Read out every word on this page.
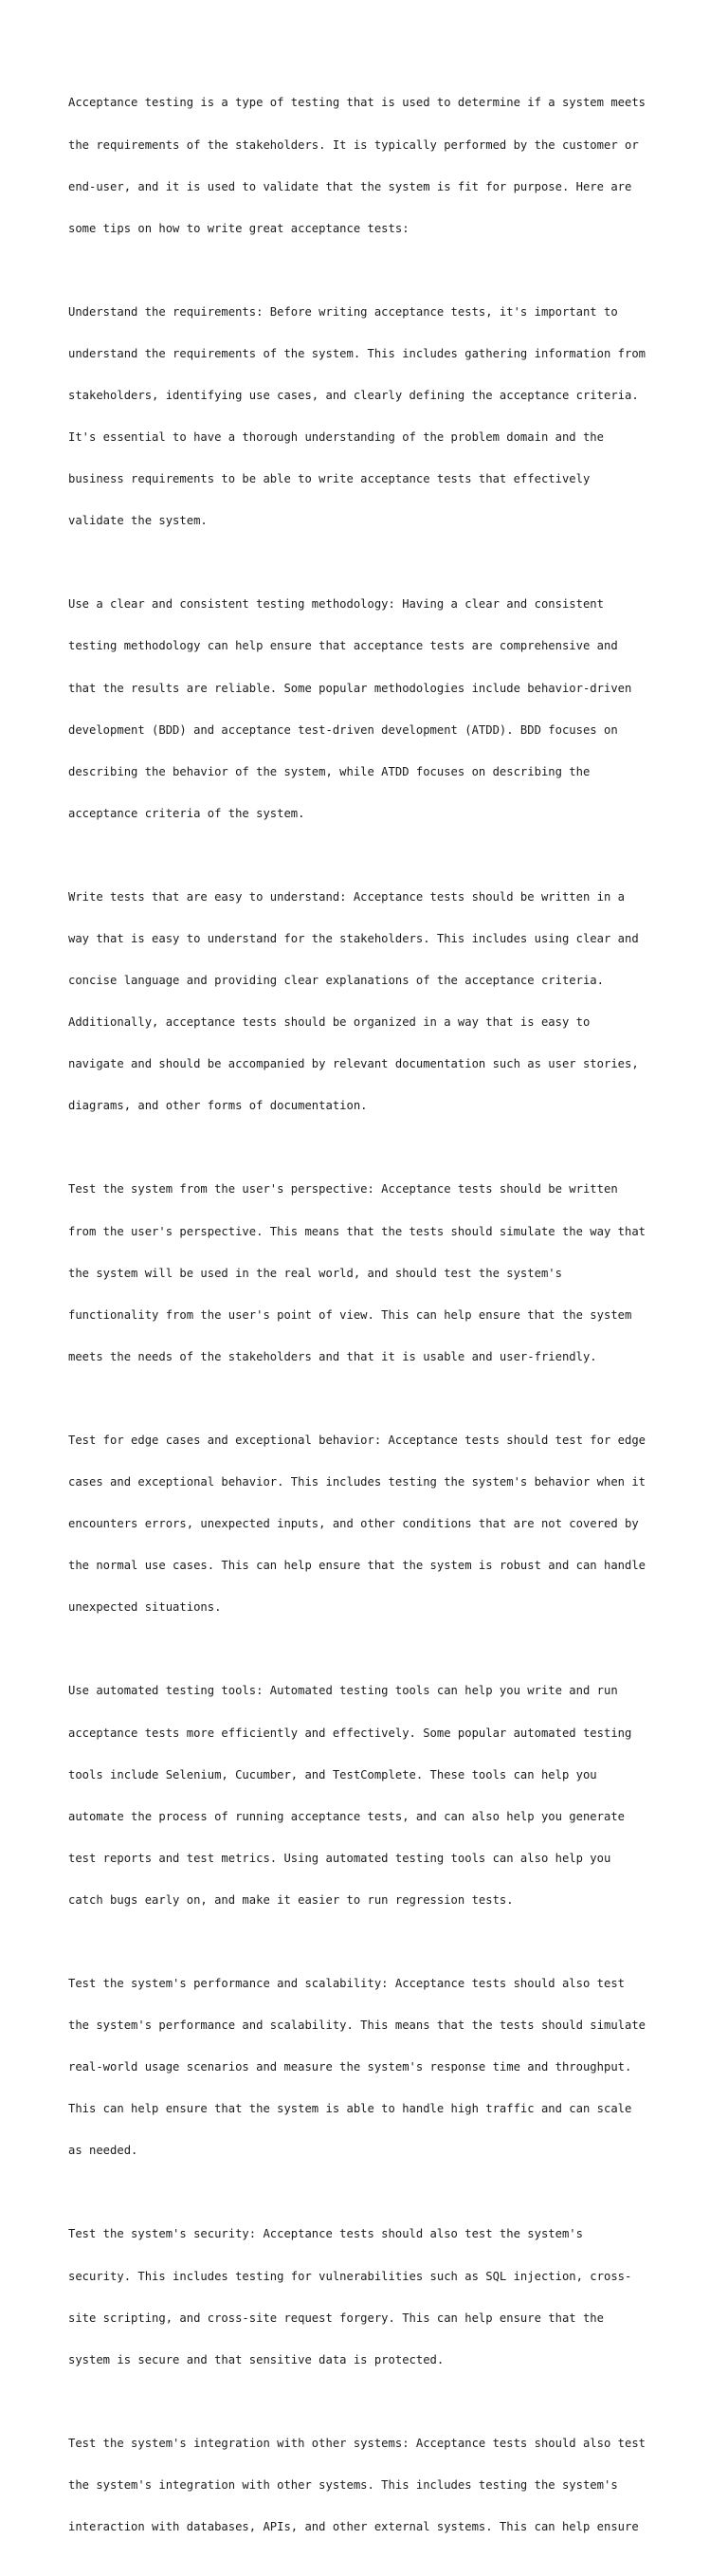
Acceptance testing is a type of testing that is used to determine if a system meets

the requirements of the stakeholders. It is typically performed by the customer or

end-user, and it is used to validate that the system is fit for purpose. Here are

some tips on how to write great acceptance tests:

Understand the requirements: Before writing acceptance tests, it's important to

understand the requirements of the system. This includes gathering information from

stakeholders, identifying use cases, and clearly defining the acceptance criteria.

It's essential to have a thorough understanding of the problem domain and the

business requirements to be able to write acceptance tests that effectively

validate the system.

Use a clear and consistent testing methodology: Having a clear and consistent

testing methodology can help ensure that acceptance tests are comprehensive and

that the results are reliable. Some popular methodologies include behavior-driven

development (BDD) and acceptance test-driven development (ATDD). BDD focuses on

describing the behavior of the system, while ATDD focuses on describing the

acceptance criteria of the system.

Write tests that are easy to understand: Acceptance tests should be written in a

way that is easy to understand for the stakeholders. This includes using clear and

concise language and providing clear explanations of the acceptance criteria.

Additionally, acceptance tests should be organized in a way that is easy to

navigate and should be accompanied by relevant documentation such as user stories,

diagrams, and other forms of documentation.

Test the system from the user's perspective: Acceptance tests should be written

from the user's perspective. This means that the tests should simulate the way that

the system will be used in the real world, and should test the system's

functionality from the user's point of view. This can help ensure that the system

meets the needs of the stakeholders and that it is usable and user-friendly.

Test for edge cases and exceptional behavior: Acceptance tests should test for edge

cases and exceptional behavior. This includes testing the system's behavior when it

encounters errors, unexpected inputs, and other conditions that are not covered by

the normal use cases. This can help ensure that the system is robust and can handle

unexpected situations.

Use automated testing tools: Automated testing tools can help you write and run

acceptance tests more efficiently and effectively. Some popular automated testing

tools include Selenium, Cucumber, and TestComplete. These tools can help you

automate the process of running acceptance tests, and can also help you generate

test reports and test metrics. Using automated testing tools can also help you

catch bugs early on, and make it easier to run regression tests.

Test the system's performance and scalability: Acceptance tests should also test

the system's performance and scalability. This means that the tests should simulate

real-world usage scenarios and measure the system's response time and throughput.

This can help ensure that the system is able to handle high traffic and can scale

as needed.

Test the system's security: Acceptance tests should also test the system's

security. This includes testing for vulnerabilities such as SQL injection, cross-

site scripting, and cross-site request forgery. This can help ensure that the

system is secure and that sensitive data is protected.

Test the system's integration with other systems: Acceptance tests should also test

the system's integration with other systems. This includes testing the system's

interaction with databases, APIs, and other external systems. This can help ensure
